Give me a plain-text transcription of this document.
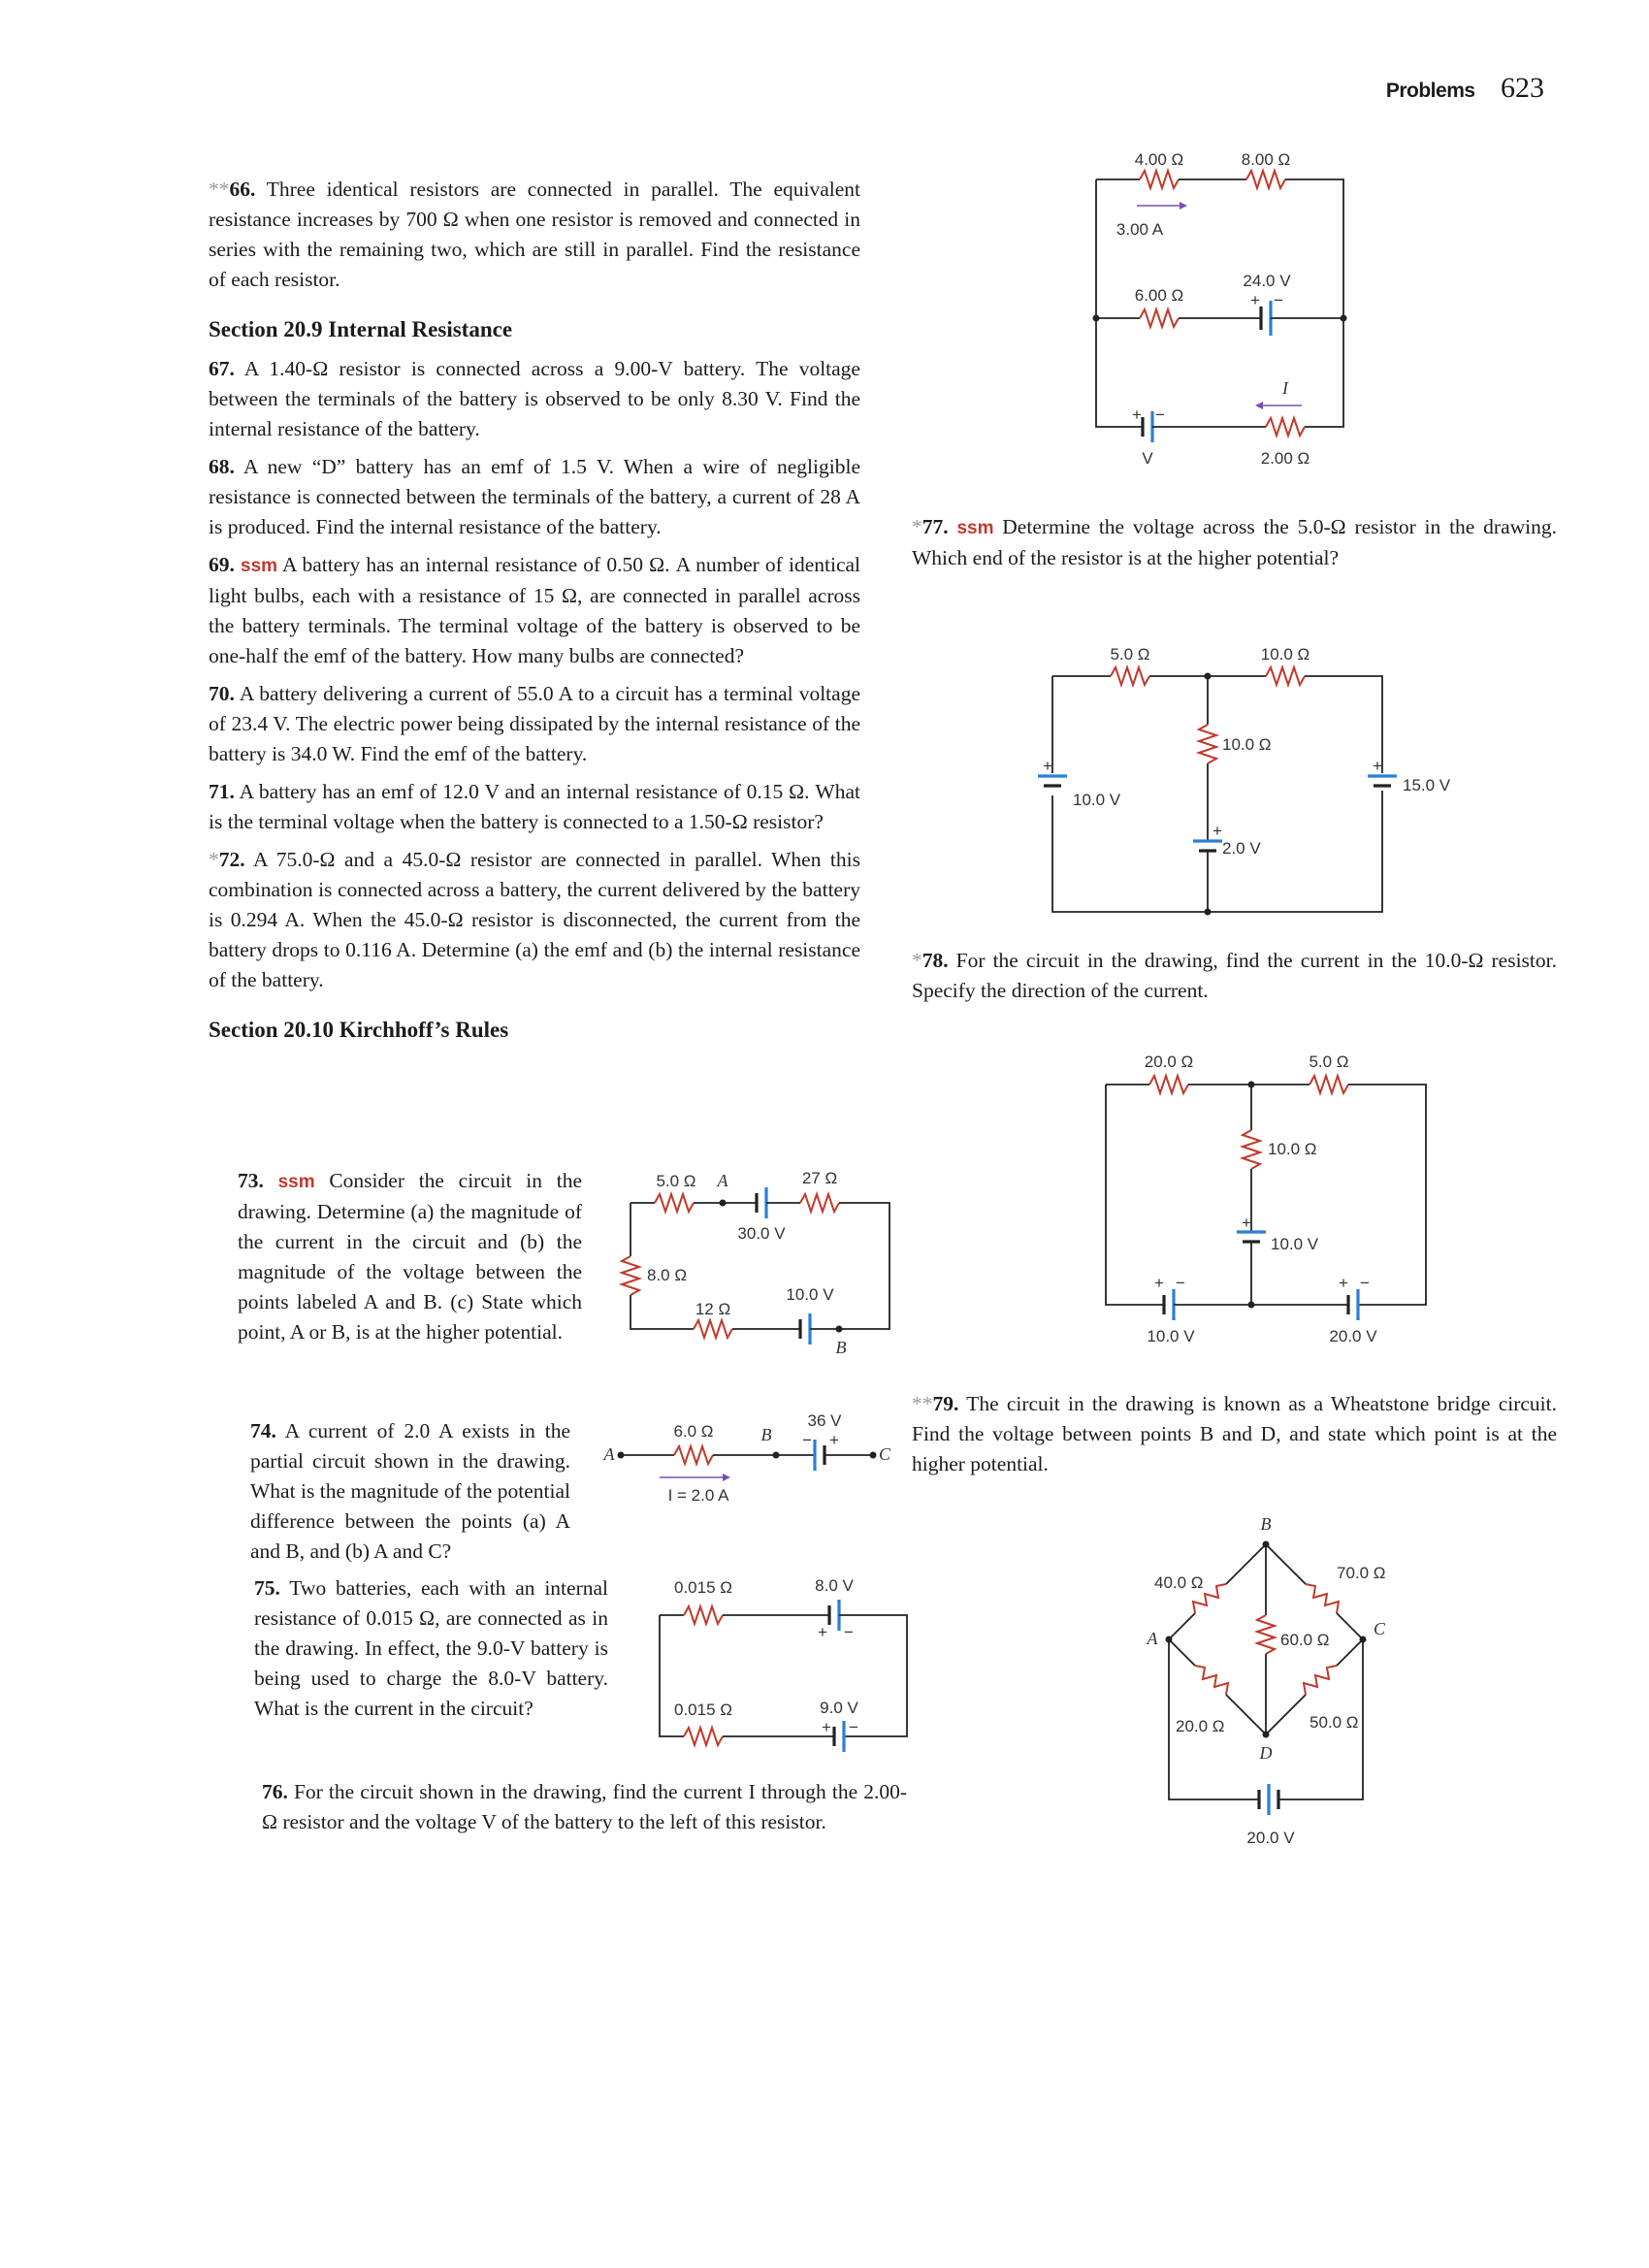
Problems 623

**66. Three identical resistors are connected in parallel. The equivalent resistance increases by 700 Ω when one resistor is removed and connected in series with the remaining two, which are still in parallel. Find the resistance of each resistor.

Section 20.9 Internal Resistance

67. A 1.40-Ω resistor is connected across a 9.00-V battery. The voltage between the terminals of the battery is observed to be only 8.30 V. Find the internal resistance of the battery.

68. A new “D” battery has an emf of 1.5 V. When a wire of negligible resistance is connected between the terminals of the battery, a current of 28 A is produced. Find the internal resistance of the battery.

69. ssm A battery has an internal resistance of 0.50 Ω. A number of identical light bulbs, each with a resistance of 15 Ω, are connected in parallel across the battery terminals. The terminal voltage of the battery is observed to be one-half the emf of the battery. How many bulbs are connected?

70. A battery delivering a current of 55.0 A to a circuit has a terminal voltage of 23.4 V. The electric power being dissipated by the internal resistance of the battery is 34.0 W. Find the emf of the battery.

71. A battery has an emf of 12.0 V and an internal resistance of 0.15 Ω. What is the terminal voltage when the battery is connected to a 1.50-Ω resistor?

*72. A 75.0-Ω and a 45.0-Ω resistor are connected in parallel. When this combination is connected across a battery, the current delivered by the battery is 0.294 A. When the 45.0-Ω resistor is disconnected, the current from the battery drops to 0.116 A. Determine (a) the emf and (b) the internal resistance of the battery.

Section 20.10 Kirchhoff’s Rules
73. ssm Consider the circuit in the drawing. Determine (a) the magnitude of the current in the circuit and (b) the magnitude of the voltage between the points labeled A and B. (c) State which point, A or B, is at the higher potential.
74. A current of 2.0 A exists in the partial circuit shown in the drawing. What is the magnitude of the potential difference between the points (a) A and B, and (b) A and C?
75. Two batteries, each with an internal resistance of 0.015 Ω, are connected as in the drawing. In effect, the 9.0-V battery is being used to charge the 8.0-V battery. What is the current in the circuit?
76. For the circuit shown in the drawing, find the current I through the 2.00-Ω resistor and the voltage V of the battery to the left of this resistor.
*77. ssm Determine the voltage across the 5.0-Ω resistor in the drawing. Which end of the resistor is at the higher potential?
*78. For the circuit in the drawing, find the current in the 10.0-Ω resistor. Specify the direction of the current.
**79. The circuit in the drawing is known as a Wheatstone bridge circuit. Find the voltage between points B and D, and state which point is at the higher potential.
4.00 Ω	8.00 Ω
3.00 A
6.00 Ω
24.0 V
+ −
I
+ −
V	2.00 Ω
5.0 Ω	10.0 Ω
10.0 Ω
10.0 V
2.0 V
15.0 V
+	+
+
20.0 Ω	5.0 Ω
10.0 Ω
10.0 V
+ −	+ −
+
10.0 V	20.0 V
B
A	C
D
40.0 Ω
70.0 Ω
60.0 Ω
20.0 Ω	50.0 Ω
20.0 V
5.0 Ω A	27 Ω
30.0 V
8.0 Ω
12 Ω
10.0 V
B
A
6.0 Ω	B
36 V
− +
C
I = 2.0 A
0.015 Ω	8.0 V
+ −
0.015 Ω	9.0 V
+ −
